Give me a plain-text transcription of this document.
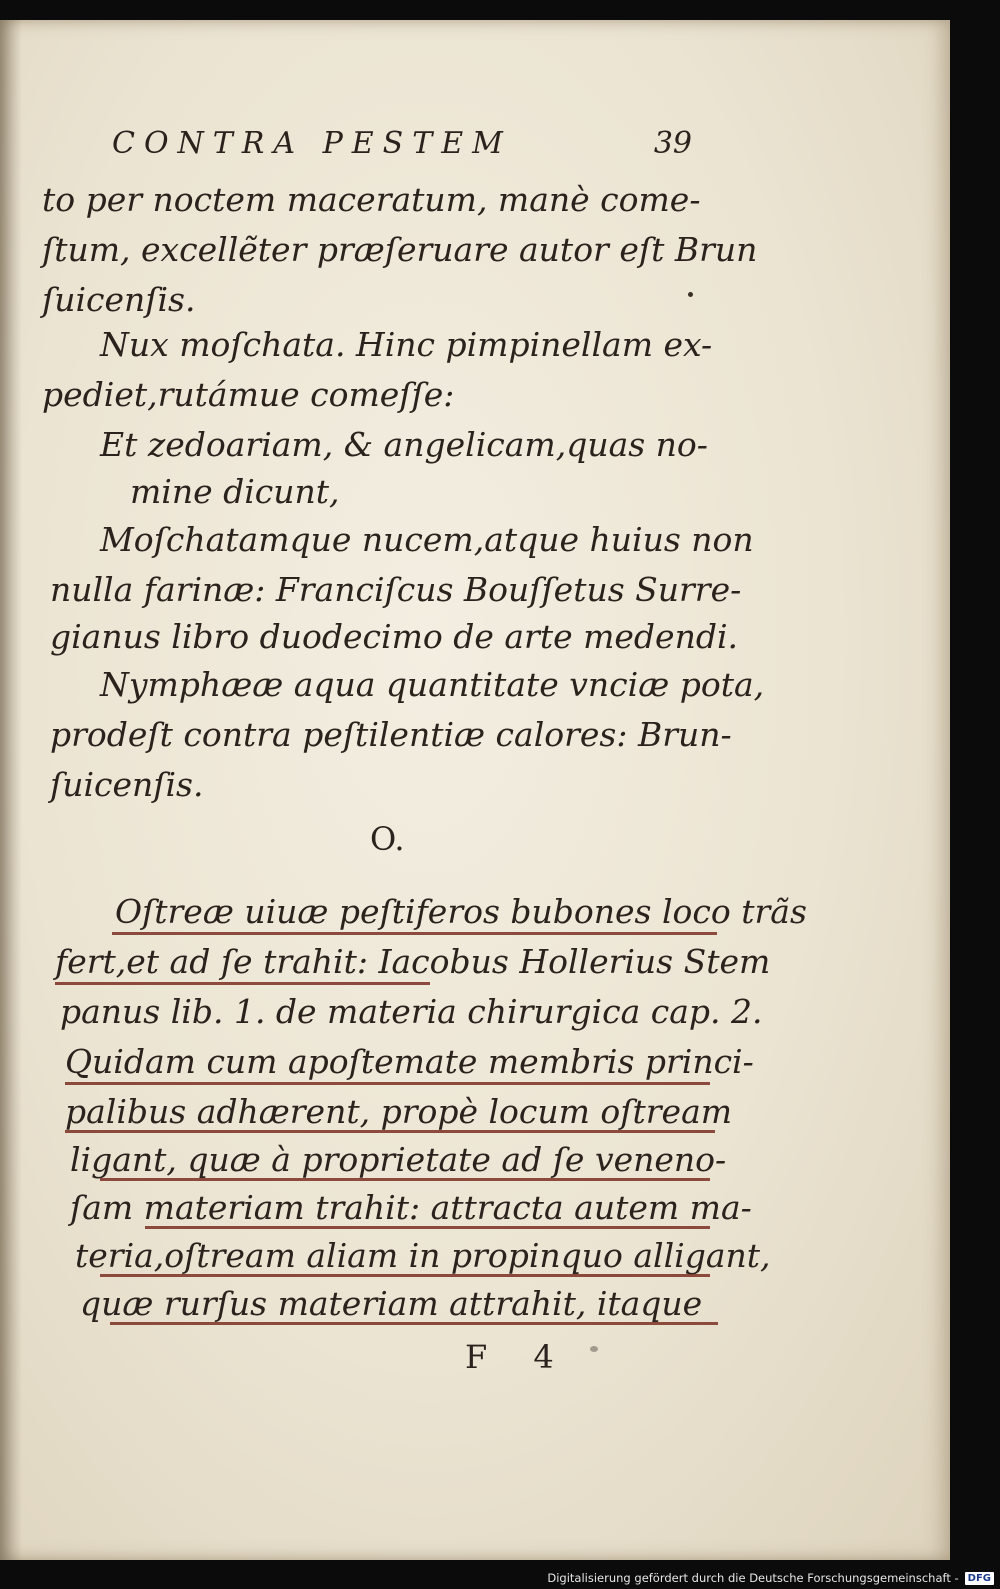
CONTRA PESTEM	39
to per noctem maceratum, manè come-
ſtum, excellẽter præſeruare autor eſt Brun
ſuicenſis.
Nux moſchata. Hinc pimpinellam ex-
pediet,rutámue comeſſe:
Et zedoariam, & angelicam,quas no-
mine dicunt,
Moſchatamque nucem,atque huius non
nulla farinæ: Franciſcus Bouſſetus Surre-
gianus libro duodecimo de arte medendi.
Nymphææ aqua quantitate vnciæ pota,
prodeſt contra peſtilentiæ calores: Brun-
ſuicenſis.
O.
Oſtreæ uiuæ peſtiferos bubones loco trãs
fert,et ad ſe trahit: Iacobus Hollerius Stem
panus lib. 1. de materia chirurgica cap. 2.
Quidam cum apoſtemate membris princi-
palibus adhærent, propè locum oſtream
ligant, quæ à proprietate ad ſe veneno-
ſam materiam trahit: attracta autem ma-
teria,oſtream aliam in propinquo alligant,
quæ rurſus materiam attrahit, itaque
F 4
Digitalisierung gefördert durch die Deutsche Forschungsgemeinschaft - DFG
